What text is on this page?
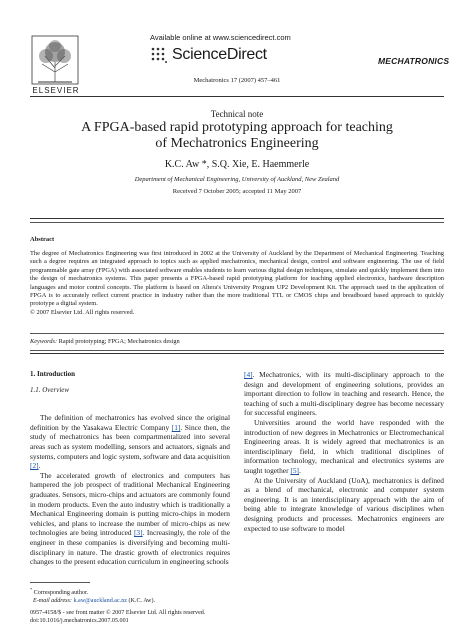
ELSEVIER
Available online at www.sciencedirect.com
ScienceDirect
Mechatronics 17 (2007) 457–461
MECHATRONICS
Technical note
A FPGA-based rapid prototyping approach for teaching
of Mechatronics Engineering
K.C. Aw *, S.Q. Xie, E. Haemmerle
Department of Mechanical Engineering, University of Auckland, New Zealand
Received 7 October 2005; accepted 11 May 2007
Abstract
The degree of Mechatronics Engineering was first introduced in 2002 at the University of Auckland by the Department of Mechanical Engineering. Teaching such a degree requires an integrated approach to topics such as applied mechatronics, mechanical design, control and software engineering. The use of field programmable gate array (FPGA) with associated software enables students to learn various digital design techniques, simulate and quickly implement them into the design of mechatronics systems. This paper presents a FPGA-based rapid prototyping platform for teaching applied electronics, hardware description languages and motor control concepts. The platform is based on Altera's University Program UP2 Development Kit. The approach used in the application of FPGA is to accurately reflect current practice in industry rather than the more traditional TTL or CMOS chips and breadboard based approach to quickly prototype a digital system.
© 2007 Elsevier Ltd. All rights reserved.
Keywords: Rapid prototyping; FPGA; Mechatronics design
1. Introduction
1.1. Overview

The definition of mechatronics has evolved since the original definition by the Yasakawa Electric Company [1]. Since then, the study of mechatronics has been compartmentalized into several areas such as system modelling, sensors and actuators, signals and systems, computers and logic system, software and data acquisition [2].

The accelerated growth of electronics and computers has hampered the job prospect of traditional Mechanical Engineering graduates. Sensors, micro-chips and actuators are commonly found in modern products. Even the auto industry which is traditionally a Mechanical Engineering domain is putting micro-chips in modern vehicles, and plans to increase the number of micro-chips as new technologies are being introduced [3]. Increasingly, the role of the engineer in these companies is diversifying and becoming multi-disciplinary in nature. The drastic growth of electronics requires changes to the present education curriculum in engineering schools

[4]. Mechatronics, with its multi-disciplinary approach to the design and development of engineering solutions, provides an important direction to follow in teaching and research. Hence, the teaching of such a multi-disciplinary degree has become necessary for successful engineers.

Universities around the world have responded with the introduction of new degrees in Mechatronics or Electromechanical Engineering areas. It is widely agreed that mechatronics is an interdisciplinary field, in which traditional disciplines of information technology, mechanical and electronics systems are taught together [5].

At the University of Auckland (UoA), mechatronics is defined as a blend of mechanical, electronic and computer system engineering. It is an interdisciplinary approach with the aim of being able to integrate knowledge of various disciplines when designing products and processes. Mechatronics engineers are expected to use software to model

* Corresponding author.
E-mail address: k.aw@auckland.ac.nz (K.C. Aw).
0957-4158/$ - see front matter © 2007 Elsevier Ltd. All rights reserved.
doi:10.1016/j.mechatronics.2007.05.001
